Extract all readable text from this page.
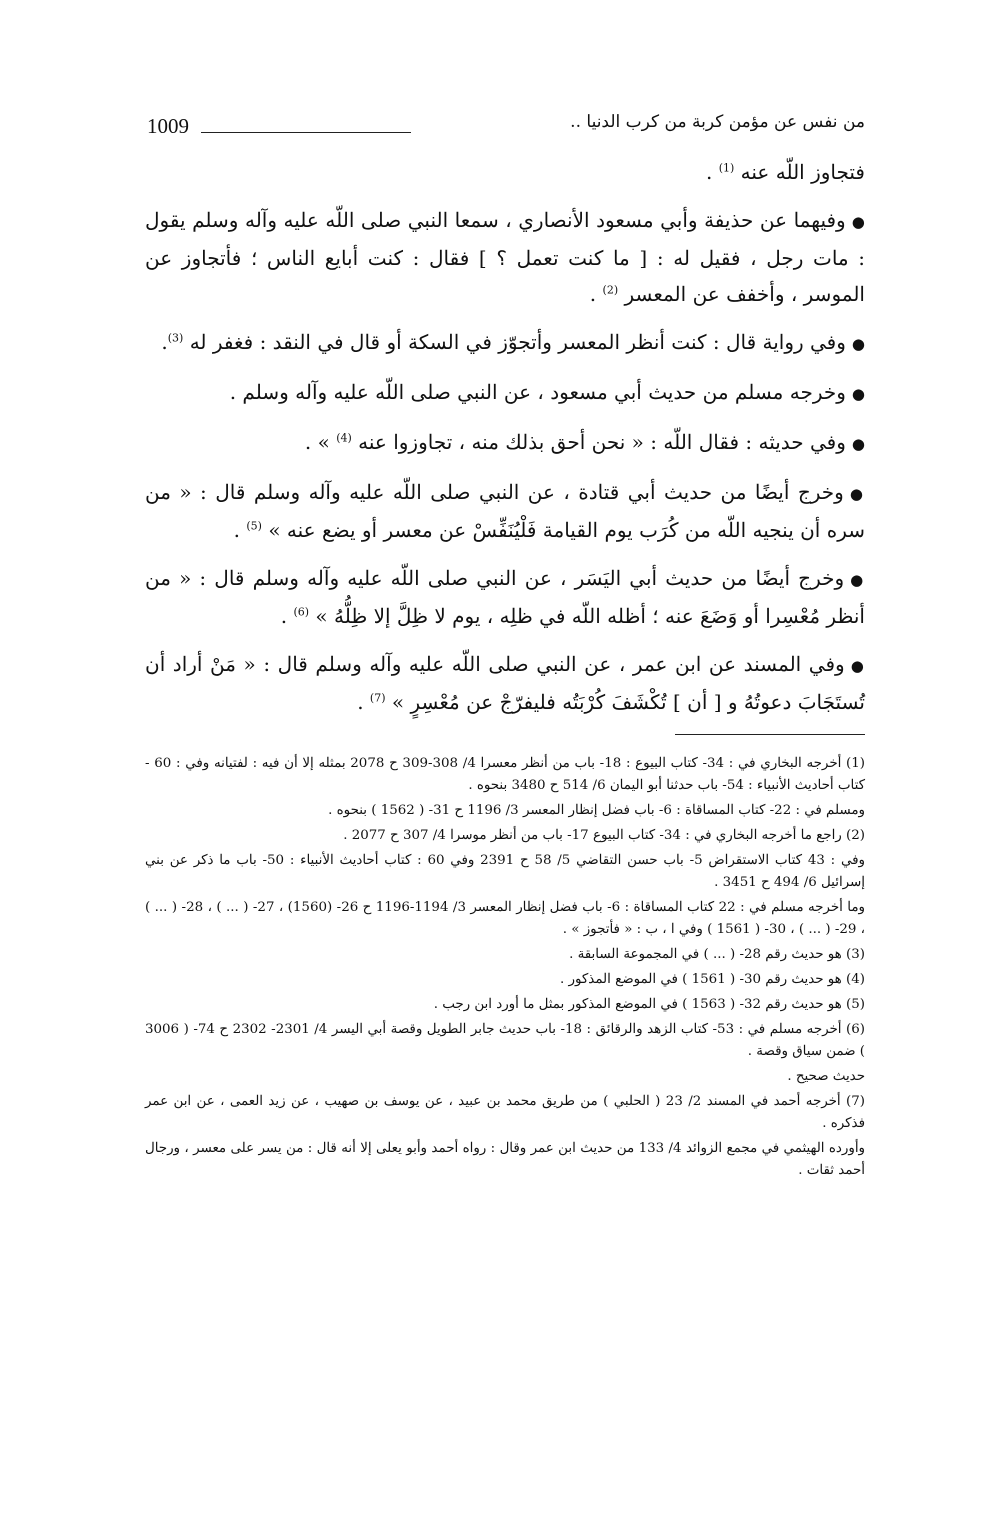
1009	من نفس عن مؤمن كربة من كرب الدنيا ..

فتجاوز اللّه عنه $^{(1)}$ .

●وفيهما عن حذيفة وأبي مسعود الأنصاري ، سمعا النبي صلى اللّه عليه وآله وسلم يقول : مات رجل ، فقيل له : [ ما كنت تعمل ؟ ] فقال : كنت أبايع الناس ؛ فأتجاوز عن الموسر ، وأخفف عن المعسر $^{(2)}$ .

●وفي رواية قال : كنت أنظر المعسر وأتجوّز في السكة أو قال في النقد : فغفر له $^{(3)}$.

●وخرجه مسلم من حديث أبي مسعود ، عن النبي صلى اللّه عليه وآله وسلم .

●وفي حديثه : فقال اللّه : « نحن أحق بذلك منه ، تجاوزوا عنه $^{(4)}$ » .

●وخرج أيضًا من حديث أبي قتادة ، عن النبي صلى اللّه عليه وآله وسلم قال : « من سره أن ينجيه اللّه من كُرَب يوم القيامة فَلْيُنَفِّسْ عن معسر أو يضع عنه » $^{(5)}$ .

●وخرج أيضًا من حديث أبي اليَسَر ، عن النبي صلى اللّه عليه وآله وسلم قال : « من أنظر مُعْسِرا أو وَضَعَ عنه ؛ أظله اللّه في ظلِه ، يوم لا ظِلَّ إلا ظِلُّهُ » $^{(6)}$ .

●وفي المسند عن ابن عمر ، عن النبي صلى اللّه عليه وآله وسلم قال : « مَنْ أراد أن تُستَجَابَ دعوتُهُ و [ أن ] تُكْشَفَ كُرْبَتُه فليفرّجْ عن مُعْسِرٍ » $^{(7)}$ .

(1) أخرجه البخاري في : 34- كتاب البيوع : 18- باب من أنظر معسرا 4/ 308-309 ح 2078 بمثله إلا أن فيه : لفتيانه وفي : 60 - كتاب أحاديث الأنبياء : 54- باب حدثنا أبو اليمان 6/ 514 ح 3480 بنحوه .

ومسلم في : 22- كتاب المساقاة : 6- باب فضل إنظار المعسر 3/ 1196 ح 31- ( 1562 ) بنحوه .

(2) راجع ما أخرجه البخاري في : 34- كتاب البيوع 17- باب من أنظر موسرا 4/ 307 ح 2077 .

وفي : 43 كتاب الاستقراض 5- باب حسن التقاضي 5/ 58 ح 2391 وفي 60 : كتاب أحاديث الأنبياء : 50- باب ما ذكر عن بني إسرائيل 6/ 494 ح 3451 .

وما أخرجه مسلم في : 22 كتاب المساقاة : 6- باب فضل إنظار المعسر 3/ 1194-1196 ح 26- (1560) ، 27- ( ... ) ، 28- ( ... ) ، 29- ( ... ) ، 30- ( 1561 ) وفي ا ، ب : « فأتجوز » .

(3) هو حديث رقم 28- ( ... ) في المجموعة السابقة .

(4) هو حديث رقم 30- ( 1561 ) في الموضع المذكور .

(5) هو حديث رقم 32- ( 1563 ) في الموضع المذكور بمثل ما أورد ابن رجب .

(6) أخرجه مسلم في : 53- كتاب الزهد والرقائق : 18- باب حديث جابر الطويل وقصة أبي اليسر 4/ 2301- 2302 ح 74- ( 3006 ) ضمن سياق وقصة .

حديث صحيح .

(7) أخرجه أحمد في المسند 2/ 23 ( الحلبي ) من طريق محمد بن عبيد ، عن يوسف بن صهيب ، عن زيد العمى ، عن ابن عمر فذكره .

وأورده الهيثمي في مجمع الزوائد 4/ 133 من حديث ابن عمر وقال : رواه أحمد وأبو يعلى إلا أنه قال : من يسر على معسر ، ورجال أحمد ثقات .
